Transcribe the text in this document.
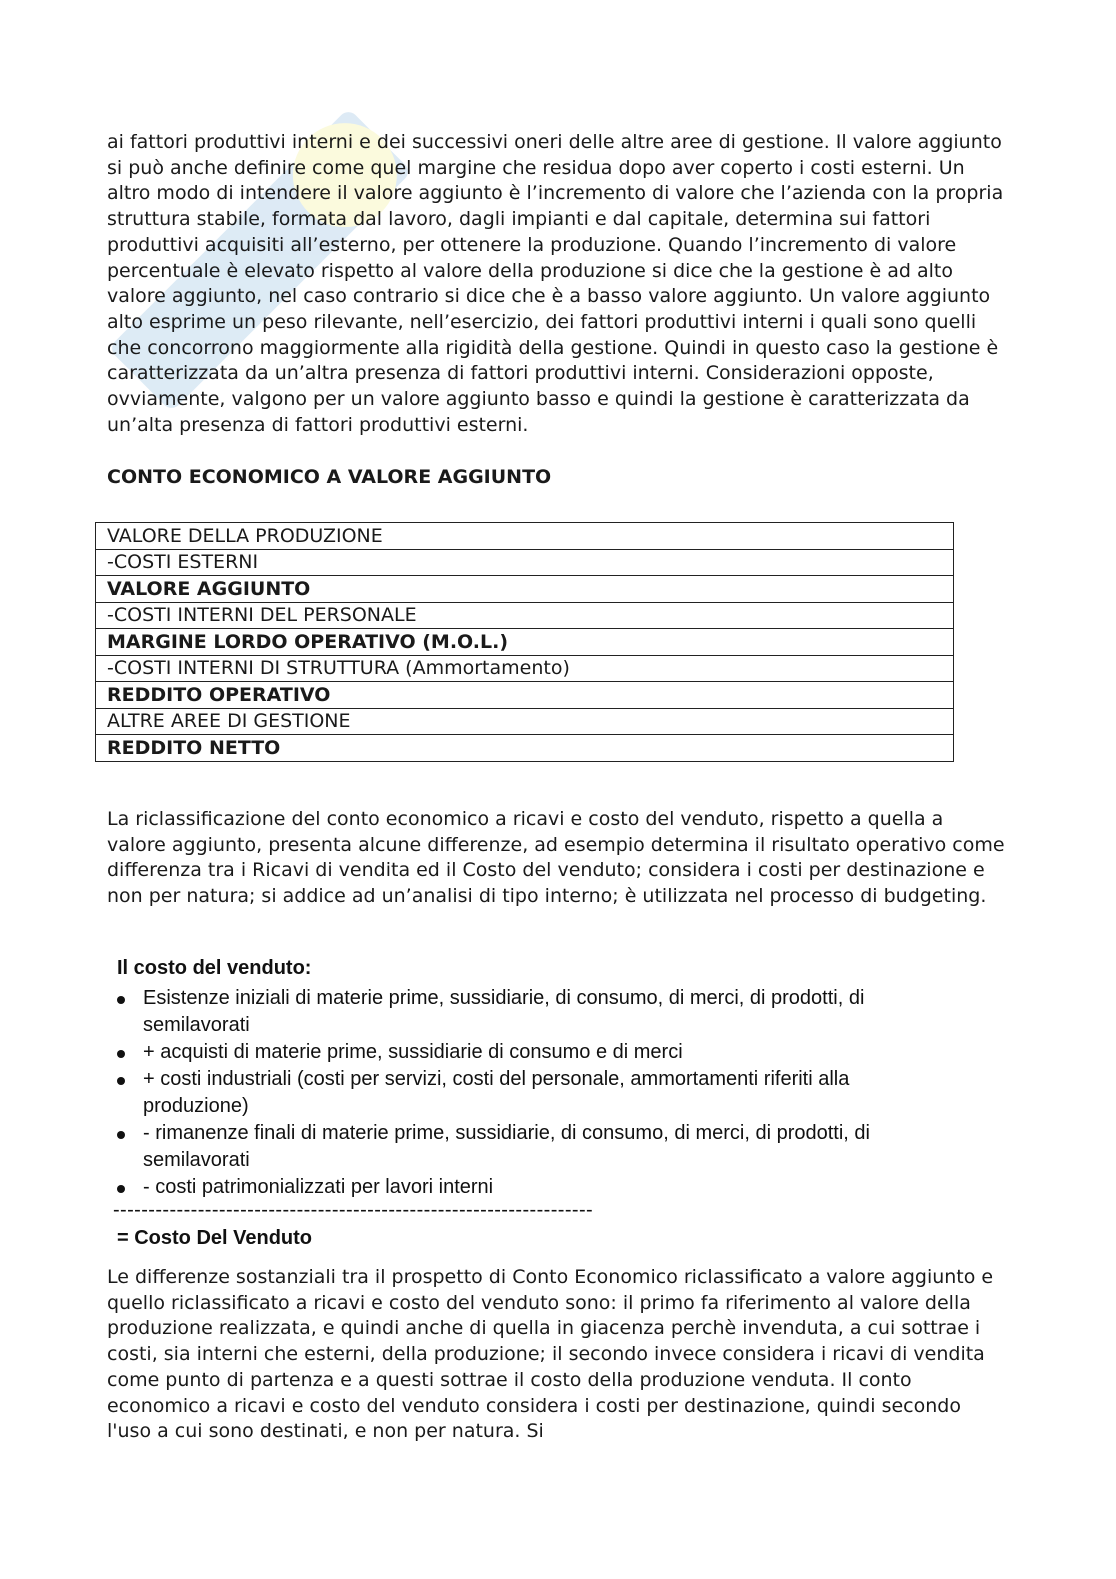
ai fattori produttivi interni e dei successivi oneri delle altre aree di gestione. Il valore aggiunto si può anche definire come quel margine che residua dopo aver coperto i costi esterni. Un altro modo di intendere il valore aggiunto è l’incremento di valore che l’azienda con la propria struttura stabile, formata dal lavoro, dagli impianti e dal capitale, determina sui fattori produttivi acquisiti all’esterno, per ottenere la produzione. Quando l’incremento di valore percentuale è elevato rispetto al valore della produzione si dice che la gestione è ad alto valore aggiunto, nel caso contrario si dice che è a basso valore aggiunto. Un valore aggiunto alto esprime un peso rilevante, nell’esercizio, dei fattori produttivi interni i quali sono quelli che concorrono maggiormente alla rigidità della gestione. Quindi in questo caso la gestione è caratterizzata da un’altra presenza di fattori produttivi interni. Considerazioni opposte, ovviamente, valgono per un valore aggiunto basso e quindi la gestione è caratterizzata da un’alta presenza di fattori produttivi esterni.

CONTO ECONOMICO A VALORE AGGIUNTO

VALORE DELLA PRODUZIONE
-COSTI ESTERNI
VALORE AGGIUNTO
-COSTI INTERNI DEL PERSONALE
MARGINE LORDO OPERATIVO (M.O.L.)
-COSTI INTERNI DI STRUTTURA (Ammortamento)
REDDITO OPERATIVO
ALTRE AREE DI GESTIONE
REDDITO NETTO

La riclassificazione del conto economico a ricavi e costo del venduto, rispetto a quella a valore aggiunto, presenta alcune differenze, ad esempio determina il risultato operativo come differenza tra i Ricavi di vendita ed il Costo del venduto; considera i costi per destinazione e non per natura; si addice ad un’analisi di tipo interno; è utilizzata nel processo di budgeting.

Il costo del venduto:

Esistenze iniziali di materie prime, sussidiarie, di consumo, di merci, di prodotti, di semilavorati
+ acquisti di materie prime, sussidiarie di consumo e di merci
+ costi industriali (costi per servizi, costi del personale, ammortamenti riferiti alla produzione)
- rimanenze finali di materie prime, sussidiarie, di consumo, di merci, di prodotti, di semilavorati
- costi patrimonializzati per lavori interni

--------------------------------------------------------------------

= Costo Del Venduto

Le differenze sostanziali tra il prospetto di Conto Economico riclassificato a valore aggiunto e quello riclassificato a ricavi e costo del venduto sono: il primo fa riferimento al valore della produzione realizzata, e quindi anche di quella in giacenza perchè invenduta, a cui sottrae i costi, sia interni che esterni, della produzione; il secondo invece considera i ricavi di vendita come punto di partenza e a questi sottrae il costo della produzione venduta. Il conto economico a ricavi e costo del venduto considera i costi per destinazione, quindi secondo l'uso a cui sono destinati, e non per natura. Si
